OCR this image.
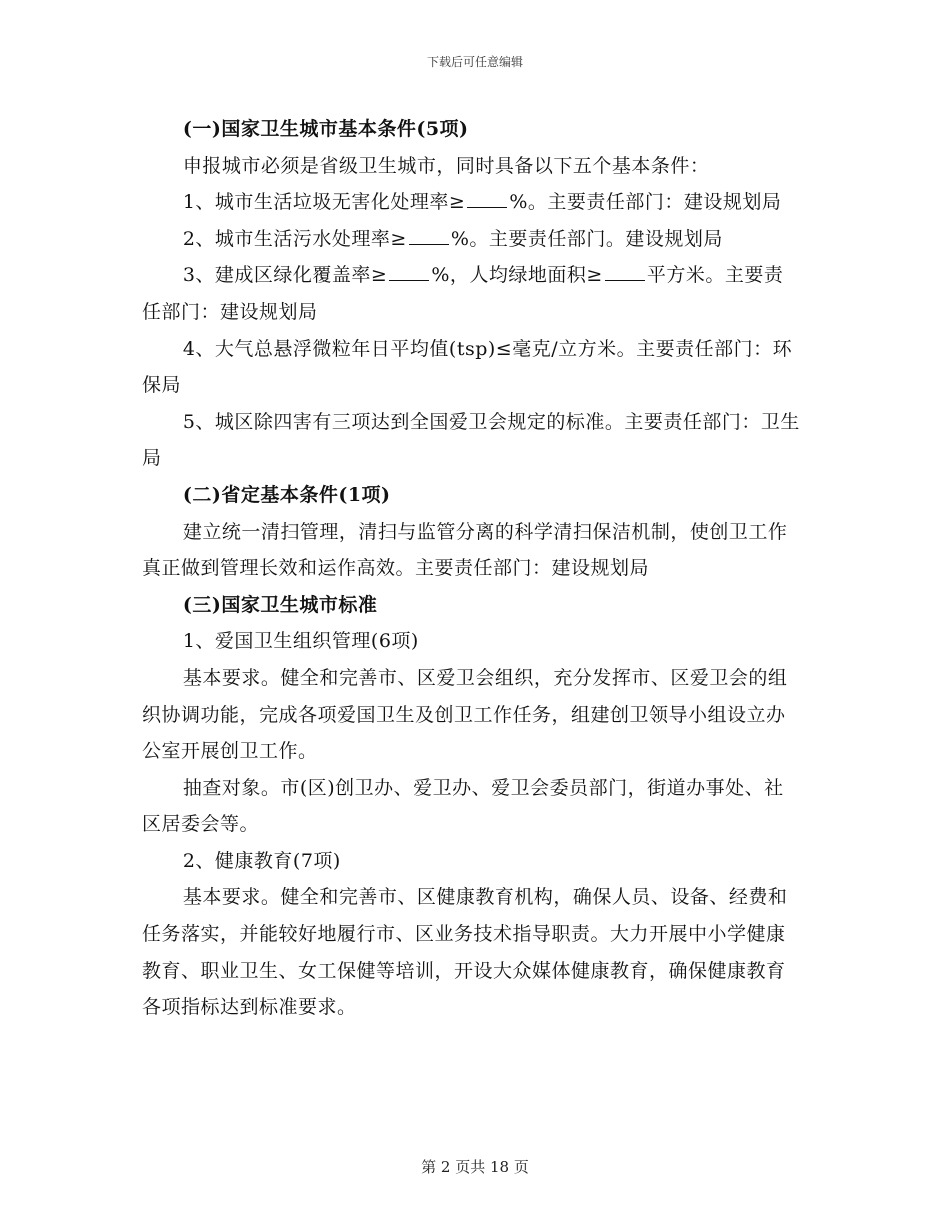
下载后可任意编辑

(一)国家卫生城市基本条件(5项)

申报城市必须是省级卫生城市，同时具备以下五个基本条件：

1、城市生活垃圾无害化处理率≥ %。主要责任部门：建设规划局

2、城市生活污水处理率≥ %。主要责任部门。建设规划局

3、建成区绿化覆盖率≥ %，人均绿地面积≥ 平方米。主要责任部门：建设规划局

4、大气总悬浮微粒年日平均值(tsp)≤毫克/立方米。主要责任部门：环保局

5、城区除四害有三项达到全国爱卫会规定的标准。主要责任部门：卫生局

(二)省定基本条件(1项)

建立统一清扫管理，清扫与监管分离的科学清扫保洁机制，使创卫工作真正做到管理长效和运作高效。主要责任部门：建设规划局

(三)国家卫生城市标准

1、爱国卫生组织管理(6项)

基本要求。健全和完善市、区爱卫会组织，充分发挥市、区爱卫会的组织协调功能，完成各项爱国卫生及创卫工作任务，组建创卫领导小组设立办公室开展创卫工作。

抽查对象。市(区)创卫办、爱卫办、爱卫会委员部门，街道办事处、社区居委会等。

2、健康教育(7项)

基本要求。健全和完善市、区健康教育机构，确保人员、设备、经费和任务落实，并能较好地履行市、区业务技术指导职责。大力开展中小学健康教育、职业卫生、女工保健等培训，开设大众媒体健康教育，确保健康教育各项指标达到标准要求。

第 2 页共 18 页
